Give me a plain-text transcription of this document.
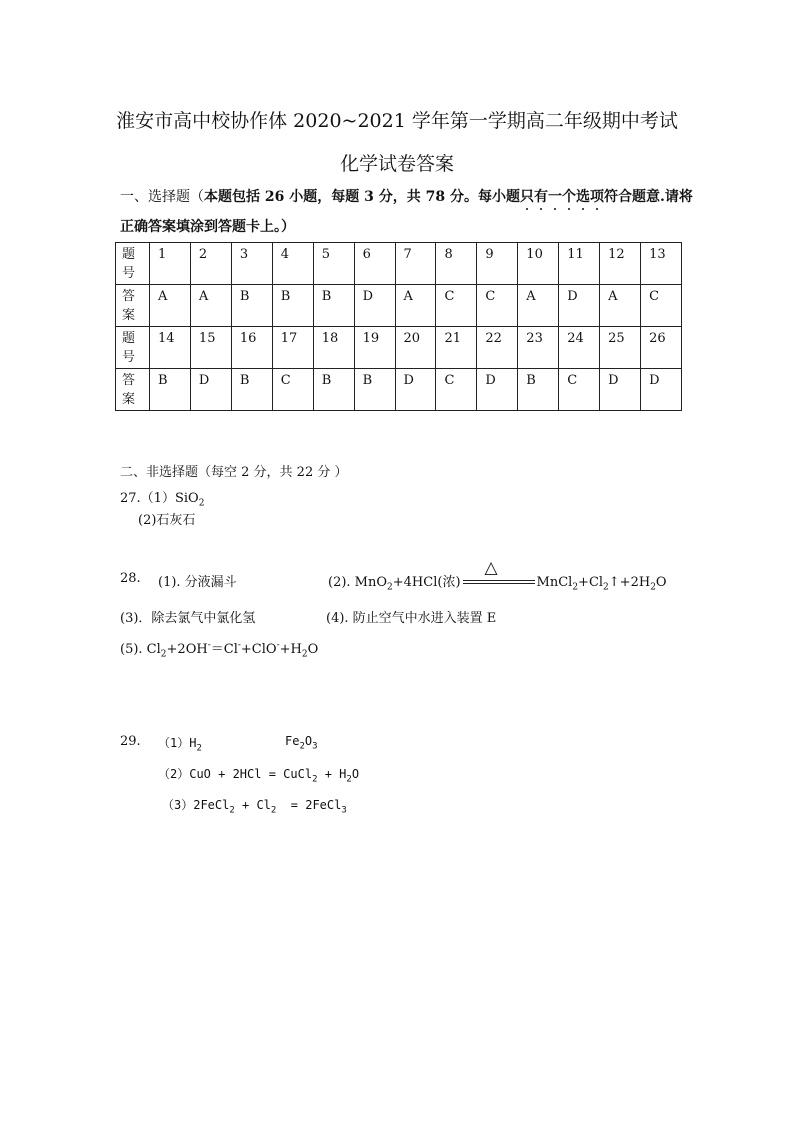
淮安市高中校协作体 2020~2021 学年第一学期高二年级期中考试
化学试卷答案
一、选择题（本题包括 26 小题，每题 3 分，共 78 分。每小题只有一个选项符合题意.请将
正确答案填涂到答题卡上。）
题
号	1	2	3	4	5	6	7	8	9	10	11	12	13
答
案	A	A	B	B	B	D	A	C	C	A	D	A	C
题
号	14	15	16	17	18	19	20	21	22	23	24	25	26
答
案	B	D	B	C	B	B	D	C	D	B	C	D	D
二、非选择题（每空 2 分，共 22 分 ）
27.（1）SiO$_2$
(2)石灰石
28. (1). 分液漏斗	(2). MnO$_2$+4HCl(浓)
△
$MnCl_2+Cl_2↑+2H_2O$
(3)．除去氯气中氯化氢	(4). 防止空气中水进入装置 E
(5). $Cl_2+2OH^-=Cl^-+ClO^-+H_2O$
29. $(1)H_2$
$Fe_2O_3$
（2）CuO + 2HCl = CuCl$_2$ + $H_2O$
（3）2FeCl$_2$ + $Cl_2$  = 2FeCl$_3$
